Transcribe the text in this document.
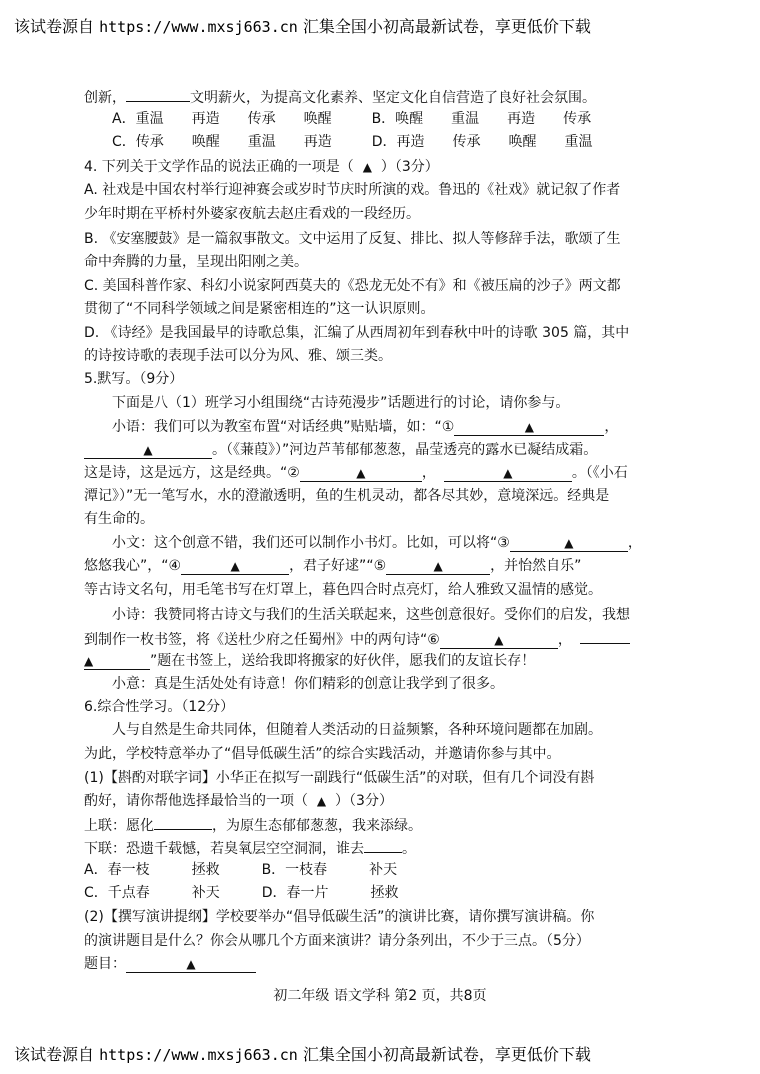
该试卷源自 https://www.mxsj663.cn 汇集全国小初高最新试卷，享更低价下载
创新，	文明薪火，为提高文化素养、坚定文化自信营造了良好社会氛围。
A．重温　　再造　　传承　　唤醒	B．唤醒　　重温　　再造　　传承
C．传承　　唤醒　　重温　　再造	D．再造　　传承　　唤醒　　重温
4. 下列关于文学作品的说法正确的一项是（ ▲ ）（3分）
A. 社戏是中国农村举行迎神赛会或岁时节庆时所演的戏。鲁迅的《社戏》就记叙了作者
少年时期在平桥村外婆家夜航去赵庄看戏的一段经历。
B. 《安塞腰鼓》是一篇叙事散文。文中运用了反复、排比、拟人等修辞手法，歌颂了生
命中奔腾的力量，呈现出阳刚之美。
C. 美国科普作家、科幻小说家阿西莫夫的《恐龙无处不有》和《被压扁的沙子》两文都
贯彻了“不同科学领域之间是紧密相连的”这一认识原则。
D. 《诗经》是我国最早的诗歌总集，汇编了从西周初年到春秋中叶的诗歌 305 篇，其中
的诗按诗歌的表现手法可以分为风、雅、颂三类。
5.默写。（9分）
下面是八（1）班学习小组围绕“古诗苑漫步”话题进行的讨论，请你参与。
小语：我们可以为教室布置“对话经典”贴贴墙，如：“①	▲	，
▲	。（《蒹葭》）”河边芦苇郁郁葱葱，晶莹透亮的露水已凝结成霜。
这是诗，这是远方，这是经典。“②	▲	，	▲	。（《小石
潭记》）”无一笔写水，水的澄澈透明，鱼的生机灵动，都各尽其妙，意境深远。经典是
有生命的。
小文：这个创意不错，我们还可以制作小书灯。比如，可以将“③	▲	，
悠悠我心”，“④	▲	，君子好逑”“⑤	▲	，并怡然自乐”
等古诗文名句，用毛笔书写在灯罩上，暮色四合时点亮灯，给人雅致又温情的感觉。
小诗：我赞同将古诗文与我们的生活关联起来，这些创意很好。受你们的启发，我想
到制作一枚书签，将《送杜少府之任蜀州》中的两句诗“⑥	▲	，
▲	”题在书签上，送给我即将搬家的好伙伴，愿我们的友谊长存！
小意：真是生活处处有诗意！你们精彩的创意让我学到了很多。
6.综合性学习。（12分）
人与自然是生命共同体，但随着人类活动的日益频繁，各种环境问题都在加剧。
为此，学校特意举办了“倡导低碳生活”的综合实践活动，并邀请你参与其中。
(1)【斟酌对联字词】小华正在拟写一副践行“低碳生活”的对联，但有几个词没有斟
酌好，请你帮他选择最恰当的一项（ ▲ ）（3分）
上联：愿化	，为原生态郁郁葱葱，我来添绿。
下联：恐遗千载憾，若臭氧层空空洞洞，谁去	。
A．春一枝　　　拯救　　　B．一枝春　　　补天
C．千点春　　　补天　　　D．春一片　　　拯救
(2)【撰写演讲提纲】学校要举办“倡导低碳生活”的演讲比赛，请你撰写演讲稿。你
的演讲题目是什么？你会从哪几个方面来演讲？请分条列出，不少于三点。（5分）
题目：	▲
初二年级 语文学科 第2 页，共8页
该试卷源自 https://www.mxsj663.cn 汇集全国小初高最新试卷，享更低价下载
